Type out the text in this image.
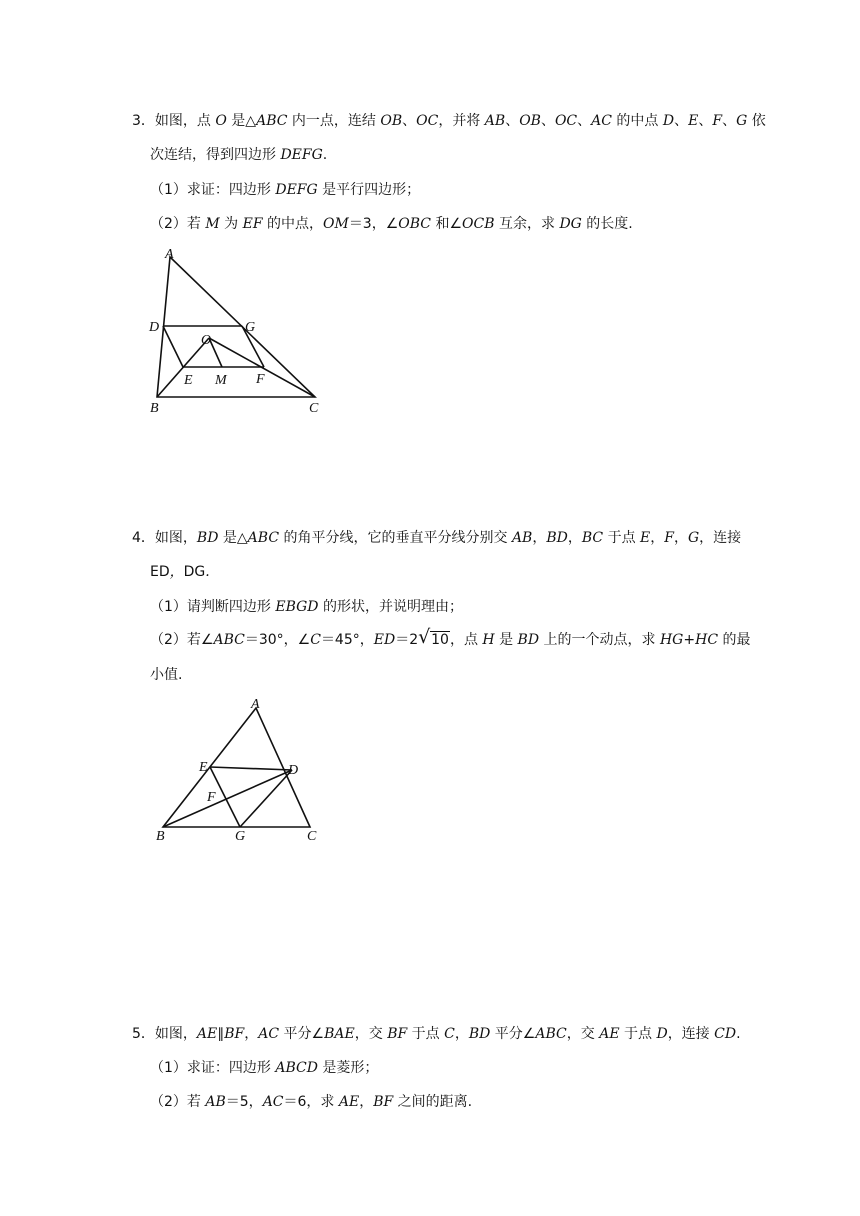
3．如图，点 O 是△ABC 内一点，连结 OB、OC，并将 AB、OB、OC、AC 的中点 D、E、F、G 依
次连结，得到四边形 DEFG.
（1）求证：四边形 DEFG 是平行四边形；
（2）若 M 为 EF 的中点，OM＝3，∠OBC 和∠OCB 互余，求 DG 的长度.
A
D	G
O
E M F
B	C
4．如图，BD 是△ABC 的角平分线，它的垂直平分线分别交 AB，BD，BC 于点 E，F，G，连接
ED，DG.
（1）请判断四边形 EBGD 的形状，并说明理由；
（2）若∠ABC＝30°，∠C＝45°，ED＝2 √ 10，点 H 是 BD 上的一个动点，求 HG+HC 的最
小值.
A
E	D
F
B	G	C
5．如图，AE∥BF，AC 平分∠BAE，交 BF 于点 C，BD 平分∠ABC，交 AE 于点 D，连接 CD.
（1）求证：四边形 ABCD 是菱形；
（2）若 AB＝5，AC＝6，求 AE，BF 之间的距离.
